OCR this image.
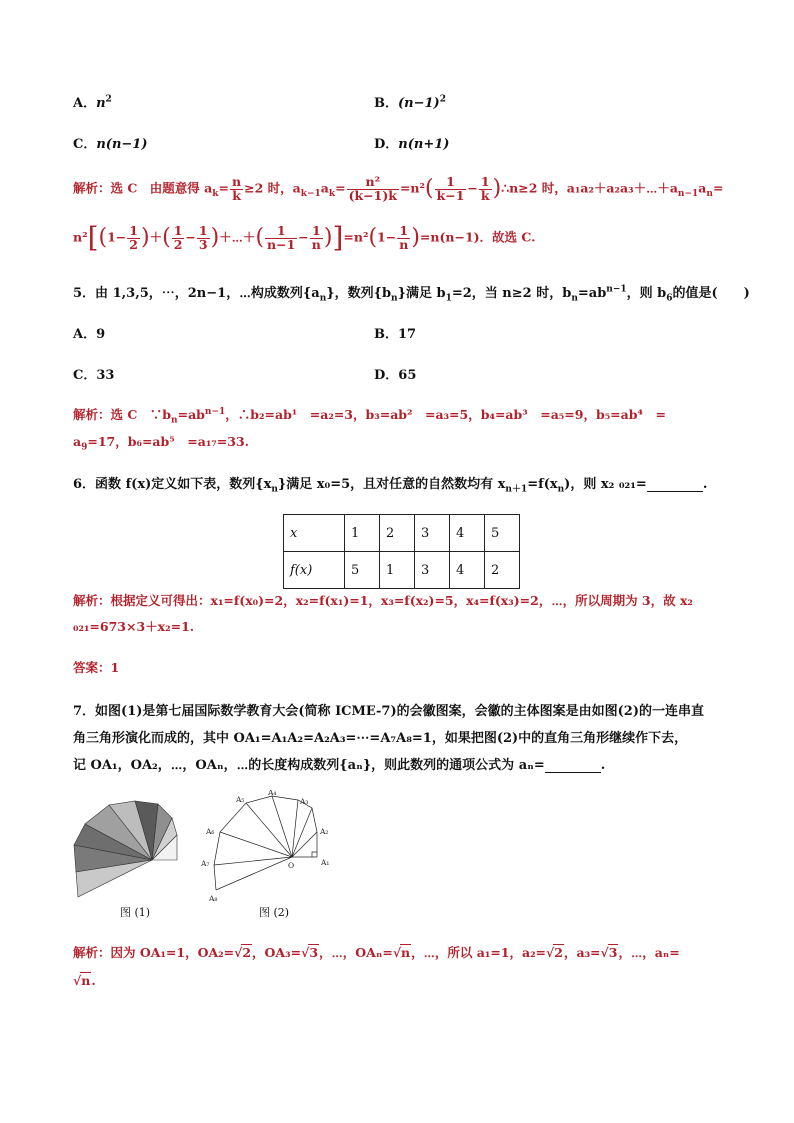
A．$n^2$	B．$(n-1)^2$
C．n(n−1)	D．n(n+1)
解析：选 C　由题意得 $a_k= \frac{n}{k} \ge 2$ 时，$a_{k-1}a_k= \frac{\text{n²}}{(k-1)k} =n^2( \frac{1}{k-1} - \frac{1}{k}$ )∴n≥2 时，$a_1a_2+a_2a_3+\cdots+a_{n-1}a_n=$
$n^2[(1- \frac{1}{2}$ )＋( $\frac{1}{2} - \frac{1}{3}$ )＋⋯＋( $\frac{1}{n-1} - \frac{1}{n} )]=n^2(1- \frac{1}{n} )=n(n-1)$．故选 C.
5．由 1,3,5，⋯，2n−1，⋯构成数列$\{a_n\}$，数列$\{b_n\}$满足 $b_1=2$，当 n≥2 时，$b_n=ab^{n-1}$，则 $b_6$的值是(　　)
A．9	B．17
C．33	D．65
解析：选 C　$\because b_n=ab^{n-1}$，∴b₂=ab¹　=a₂=3，b₃=ab²　=a₃=5，b₄=ab³　=a₅=9，b₅=ab⁴　=
$a_9=17$，b₆=ab⁵　=a₁₇=33.
6．函数 f(x)定义如下表，数列$\{x_n\}$满足 x₀=5，且对任意的自然数均有 $x_{n+1}=f(x_n)$，则 x₂ ₀₂₁=	.
x	1	2	3	4	5
f(x)	5	1	3	4	2
解析：根据定义可得出：x₁=f(x₀)=2，x₂=f(x₁)=1，x₃=f(x₂)=5，x₄=f(x₃)=2，⋯，所以周期为 3，故 x₂
₀₂₁=673×3＋x₂=1.
答案：1
7．如图(1)是第七届国际数学教育大会(简称 ICME-7)的会徽图案，会徽的主体图案是由如图(2)的一连串直
角三角形演化而成的，其中 OA₁=A₁A₂=A₂A₃=⋯=A₇A₈=1，如果把图(2)中的直角三角形继续作下去，
记 OA₁，OA₂，⋯，OAₙ，⋯的长度构成数列{aₙ}，则此数列的通项公式为 aₙ=	.
图 (1)
A₁
A₂
A₃
A₄
A₅
A₆
A₇
A₈
O
图 (2)
解析：因为 OA₁=1，OA₂=√2，OA₃=√3，⋯，OAₙ=√n，⋯，所以 a₁=1，a₂=√2，a₃=√3，⋯，aₙ=
√n.
